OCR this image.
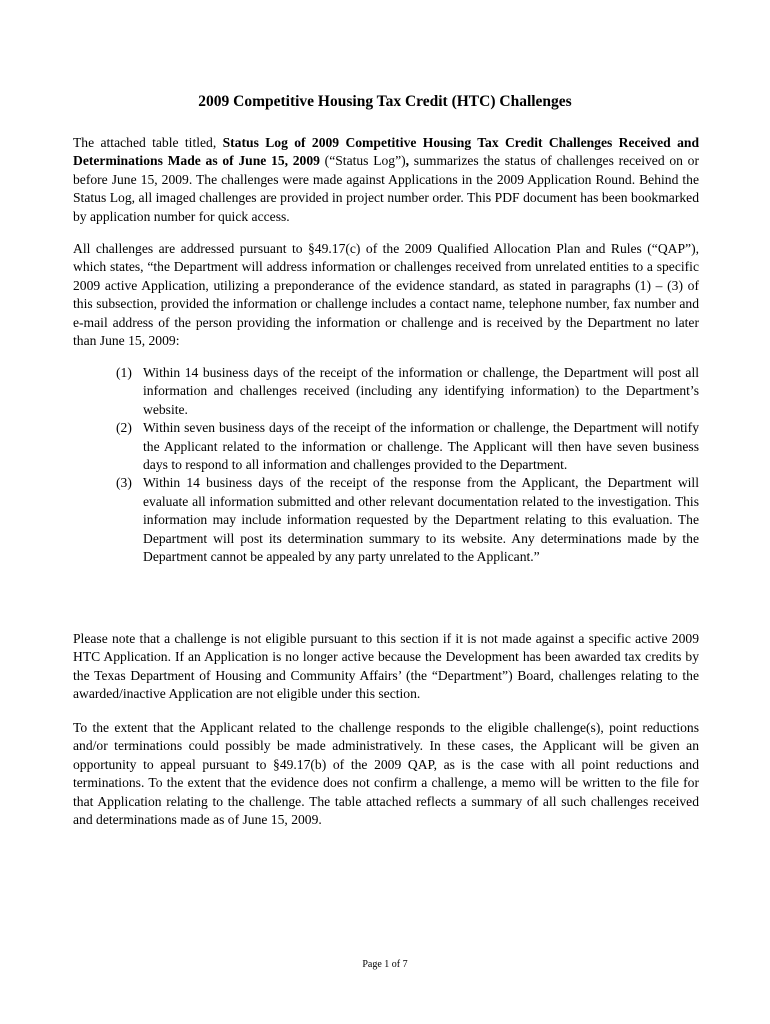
2009 Competitive Housing Tax Credit (HTC) Challenges

The attached table titled, Status Log of 2009 Competitive Housing Tax Credit Challenges Received and Determinations Made as of June 15, 2009 (“Status Log”), summarizes the status of challenges received on or before June 15, 2009. The challenges were made against Applications in the 2009 Application Round. Behind the Status Log, all imaged challenges are provided in project number order. This PDF document has been bookmarked by application number for quick access.

All challenges are addressed pursuant to §49.17(c) of the 2009 Qualified Allocation Plan and Rules (“QAP”), which states, “the Department will address information or challenges received from unrelated entities to a specific 2009 active Application, utilizing a preponderance of the evidence standard, as stated in paragraphs (1) – (3) of this subsection, provided the information or challenge includes a contact name, telephone number, fax number and e-mail address of the person providing the information or challenge and is received by the Department no later than June 15, 2009:

(1) Within 14 business days of the receipt of the information or challenge, the Department will post all information and challenges received (including any identifying information) to the Department’s website.
(2) Within seven business days of the receipt of the information or challenge, the Department will notify the Applicant related to the information or challenge. The Applicant will then have seven business days to respond to all information and challenges provided to the Department.
(3) Within 14 business days of the receipt of the response from the Applicant, the Department will evaluate all information submitted and other relevant documentation related to the investigation. This information may include information requested by the Department relating to this evaluation. The Department will post its determination summary to its website. Any determinations made by the Department cannot be appealed by any party unrelated to the Applicant.”

Please note that a challenge is not eligible pursuant to this section if it is not made against a specific active 2009 HTC Application. If an Application is no longer active because the Development has been awarded tax credits by the Texas Department of Housing and Community Affairs’ (the “Department”) Board, challenges relating to the awarded/inactive Application are not eligible under this section.

To the extent that the Applicant related to the challenge responds to the eligible challenge(s), point reductions and/or terminations could possibly be made administratively. In these cases, the Applicant will be given an opportunity to appeal pursuant to §49.17(b) of the 2009 QAP, as is the case with all point reductions and terminations. To the extent that the evidence does not confirm a challenge, a memo will be written to the file for that Application relating to the challenge. The table attached reflects a summary of all such challenges received and determinations made as of June 15, 2009.

Page 1 of 7
